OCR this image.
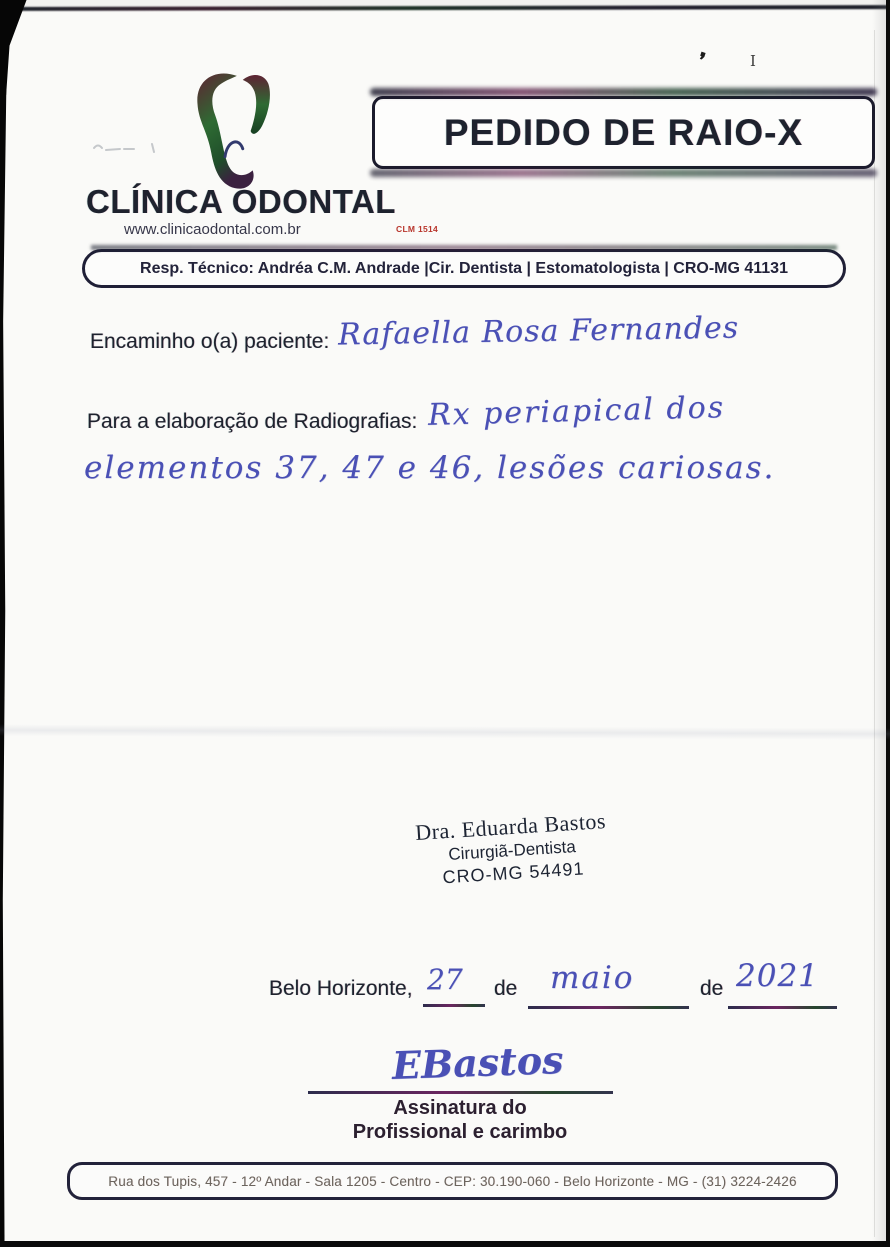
❜	I
CLÍNICA ODONTAL
www.clinicaodontal.com.br	CLM 1514
PEDIDO DE RAIO-X
Resp. Técnico: Andréa C.M. Andrade |Cir. Dentista | Estomatologista | CRO-MG 41131
Encaminho o(a) paciente: Rafaella Rosa Fernandes
Para a elaboração de Radiografias: Rx periapical dos
elementos 37, 47 e 46, lesões cariosas.
Dra. Eduarda Bastos
Cirurgiã-Dentista
CRO-MG 54491
Belo Horizonte, 27 de maio	de 2021
EBastos
Assinatura do
Profissional e carimbo
Rua dos Tupis, 457 - 12º Andar - Sala 1205 - Centro - CEP: 30.190-060 - Belo Horizonte - MG - (31) 3224-2426
